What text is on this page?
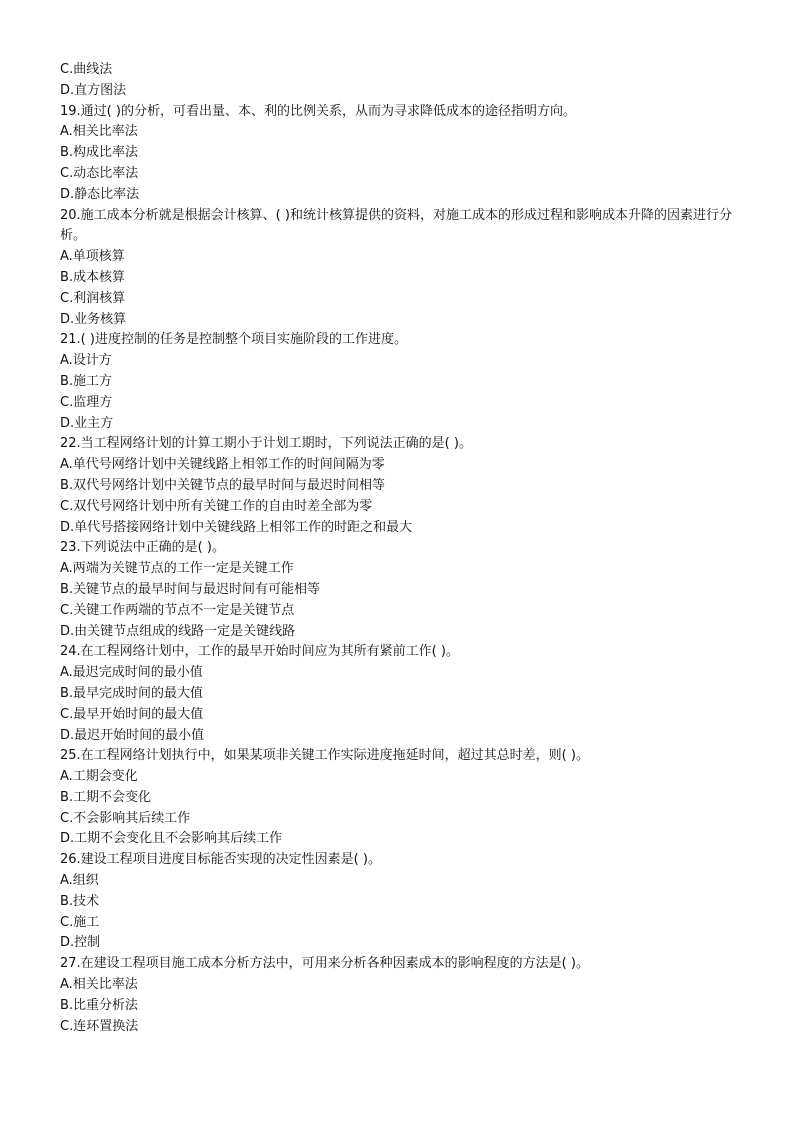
C.曲线法
D.直方图法
19.通过( )的分析，可看出量、本、利的比例关系，从而为寻求降低成本的途径指明方向。
A.相关比率法
B.构成比率法
C.动态比率法
D.静态比率法
20.施工成本分析就是根据会计核算、( )和统计核算提供的资料，对施工成本的形成过程和影响成本升降的因素进行分析。
A.单项核算
B.成本核算
C.利润核算
D.业务核算
21.( )进度控制的任务是控制整个项目实施阶段的工作进度。
A.设计方
B.施工方
C.监理方
D.业主方
22.当工程网络计划的计算工期小于计划工期时，下列说法正确的是( )。
A.单代号网络计划中关键线路上相邻工作的时间间隔为零
B.双代号网络计划中关键节点的最早时间与最迟时间相等
C.双代号网络计划中所有关键工作的自由时差全部为零
D.单代号搭接网络计划中关键线路上相邻工作的时距之和最大
23.下列说法中正确的是( )。
A.两端为关键节点的工作一定是关键工作
B.关键节点的最早时间与最迟时间有可能相等
C.关键工作两端的节点不一定是关键节点
D.由关键节点组成的线路一定是关键线路
24.在工程网络计划中，工作的最早开始时间应为其所有紧前工作( )。
A.最迟完成时间的最小值
B.最早完成时间的最大值
C.最早开始时间的最大值
D.最迟开始时间的最小值
25.在工程网络计划执行中，如果某项非关键工作实际进度拖延时间，超过其总时差，则( )。
A.工期会变化
B.工期不会变化
C.不会影响其后续工作
D.工期不会变化且不会影响其后续工作
26.建设工程项目进度目标能否实现的决定性因素是( )。
A.组织
B.技术
C.施工
D.控制
27.在建设工程项目施工成本分析方法中，可用来分析各种因素成本的影响程度的方法是( )。
A.相关比率法
B.比重分析法
C.连环置换法
